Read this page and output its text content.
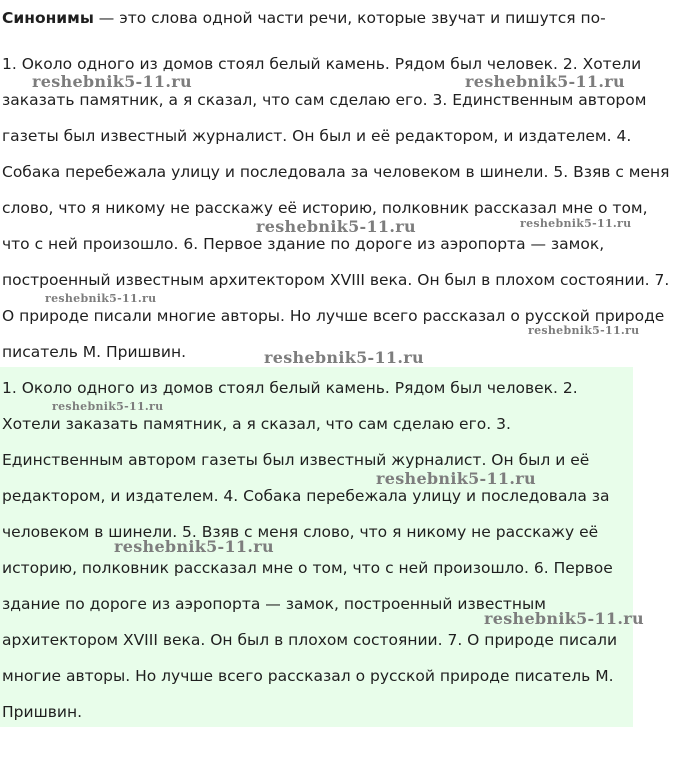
Синонимы — это слова одной части речи, которые звучат и пишутся по-

1. Около одного из домов стоял белый камень. Рядом был человек. 2. Хотели заказать памятник, а я сказал, что сам сделаю его. 3. Единственным автором газеты был известный журналист. Он был и её редактором, и издателем. 4. Собака перебежала улицу и последовала за человеком в шинели. 5. Взяв с меня слово, что я никому не расскажу её историю, полковник рассказал мне о том, что с ней произошло. 6. Первое здание по дороге из аэропорта — замок, построенный известным архитектором XVIII века. Он был в плохом состоянии. 7. О природе писали многие авторы. Но лучше всего рассказал о русской природе писатель М. Пришвин.

1. Около одного из домов стоял белый камень. Рядом был человек. 2. Хотели заказать памятник, а я сказал, что сам сделаю его. 3. Единственным автором газеты был известный журналист. Он был и её редактором, и издателем. 4. Собака перебежала улицу и последовала за человеком в шинели. 5. Взяв с меня слово, что я никому не расскажу её историю, полковник рассказал мне о том, что с ней произошло. 6. Первое здание по дороге из аэропорта — замок, построенный известным архитектором XVIII века. Он был в плохом состоянии. 7. О природе писали многие авторы. Но лучше всего рассказал о русской природе писатель М. Пришвин.

reshebnik5-11.ru	reshebnik5-11.ru
reshebnik5-11.ru	reshebnik5-11.ru
reshebnik5-11.ru
reshebnik5-11.ru
reshebnik5-11.ru
reshebnik5-11.ru
reshebnik5-11.ru
reshebnik5-11.ru
reshebnik5-11.ru
